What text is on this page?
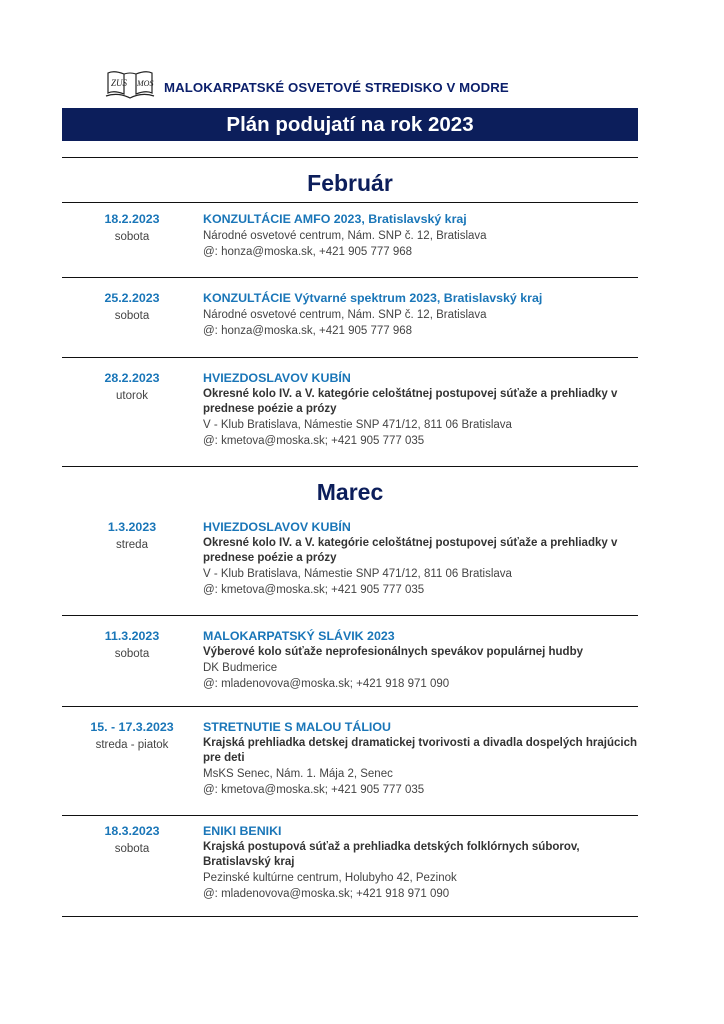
ZUS MOS MALOKARPATSKÉ OSVETOVÉ STREDISKO V MODRE
Plán podujatí na rok 2023
Február
18.2.2023
sobota
KONZULTÁCIE AMFO 2023, Bratislavský kraj
Národné osvetové centrum, Nám. SNP č. 12, Bratislava
@: honza@moska.sk, +421 905 777 968
25.2.2023
sobota
KONZULTÁCIE Výtvarné spektrum 2023, Bratislavský kraj
Národné osvetové centrum, Nám. SNP č. 12, Bratislava
@: honza@moska.sk, +421 905 777 968
28.2.2023
utorok
HVIEZDOSLAVOV KUBÍN
Okresné kolo IV. a V. kategórie celoštátnej postupovej súťaže a prehliadky v prednese poézie a prózy
V - Klub Bratislava, Námestie SNP 471/12, 811 06 Bratislava
@: kmetova@moska.sk; +421 905 777 035
Marec
1.3.2023
streda
HVIEZDOSLAVOV KUBÍN
Okresné kolo IV. a V. kategórie celoštátnej postupovej súťaže a prehliadky v prednese poézie a prózy
V - Klub Bratislava, Námestie SNP 471/12, 811 06 Bratislava
@: kmetova@moska.sk; +421 905 777 035
11.3.2023
sobota
MALOKARPATSKÝ SLÁVIK 2023
Výberové kolo súťaže neprofesionálnych spevákov populárnej hudby
DK Budmerice
@: mladenovova@moska.sk; +421 918 971 090
15. - 17.3.2023
streda - piatok
STRETNUTIE S MALOU TÁLIOU
Krajská prehliadka detskej dramatickej tvorivosti a divadla dospelých hrajúcich pre deti
MsKS Senec, Nám. 1. Mája 2, Senec
@: kmetova@moska.sk; +421 905 777 035
18.3.2023
sobota
ENIKI BENIKI
Krajská postupová súťaž a prehliadka detských folklórnych súborov, Bratislavský kraj
Pezinské kultúrne centrum, Holubyho 42, Pezinok
@: mladenovova@moska.sk; +421 918 971 090
